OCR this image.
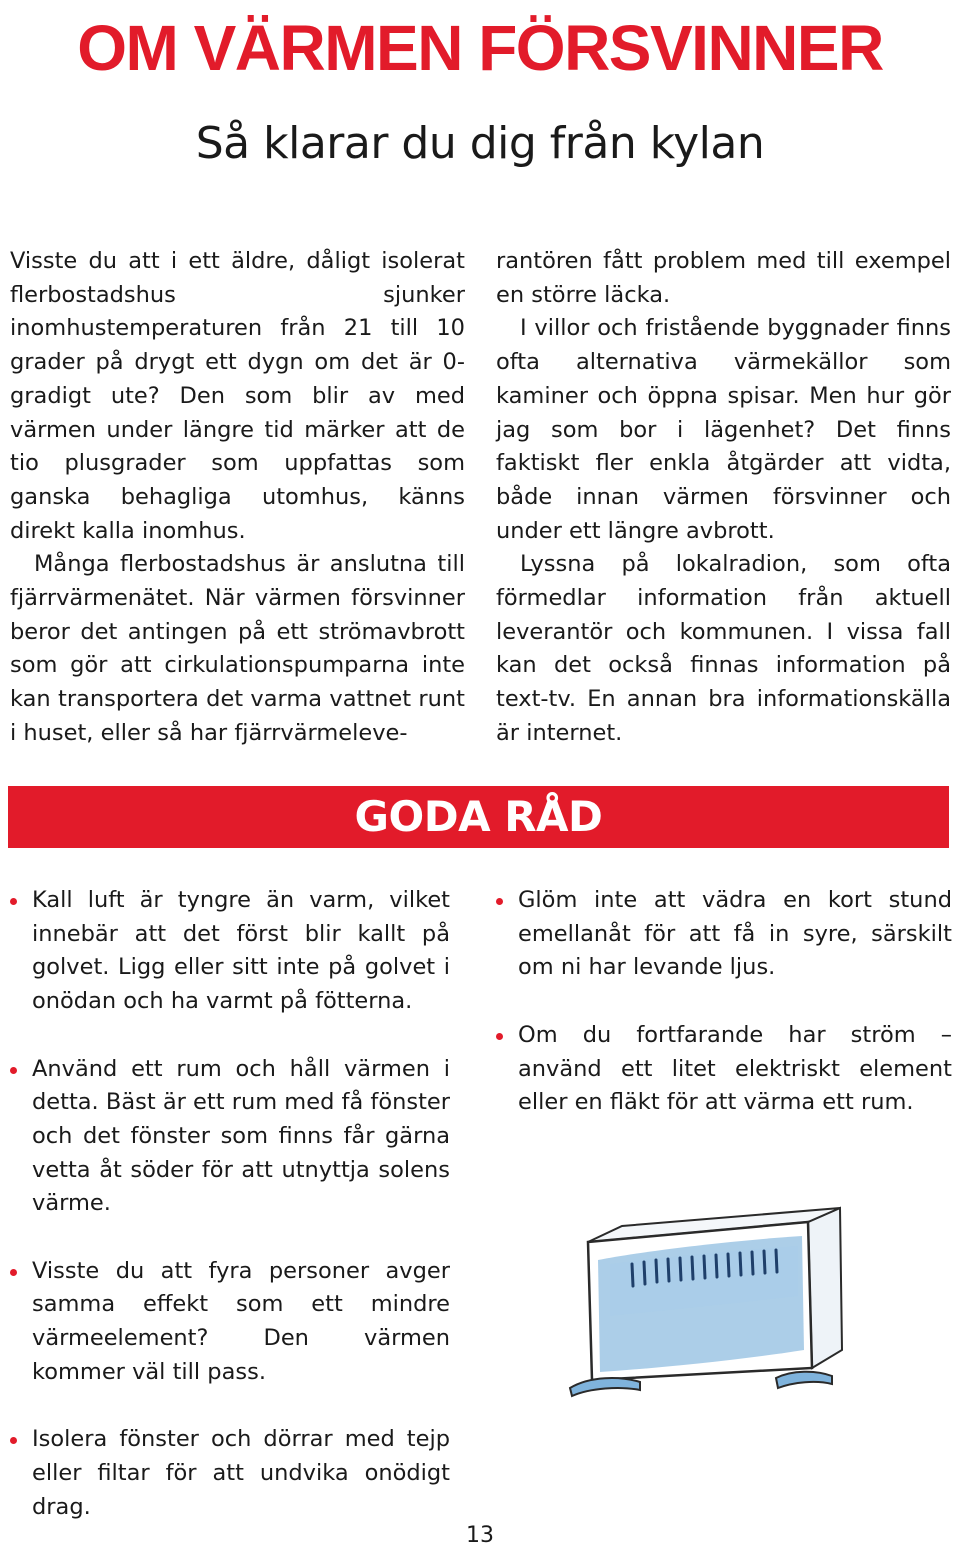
OM VÄRMEN FÖRSVINNER
Så klarar du dig från kylan

Visste du att i ett äldre, dåligt isolerat flerbostadshus sjunker inomhustemperaturen från 21 till 10 grader på drygt ett dygn om det är 0-gradigt ute? Den som blir av med värmen under längre tid märker att de tio plusgrader som uppfattas som ganska behagliga utomhus, känns direkt kalla inomhus.

Många flerbostadshus är anslutna till fjärrvärmenätet. När värmen försvinner beror det antingen på ett strömavbrott som gör att cirkulationspumparna inte kan transportera det varma vattnet runt i huset, eller så har fjärrvärmeleve-

rantören fått problem med till exempel en större läcka.

I villor och fristående byggnader finns ofta alternativa värmekällor som kaminer och öppna spisar. Men hur gör jag som bor i lägenhet? Det finns faktiskt fler enkla åtgärder att vidta, både innan värmen försvinner och under ett längre avbrott.

Lyssna på lokalradion, som ofta förmedlar information från aktuell leverantör och kommunen. I vissa fall kan det också finnas information på text-tv. En annan bra informationskälla är internet.

GODA RÅD
Kall luft är tyngre än varm, vilket innebär att det först blir kallt på golvet. Ligg eller sitt inte på golvet i onödan och ha varmt på fötterna.
Använd ett rum och håll värmen i detta. Bäst är ett rum med få fönster och det fönster som finns får gärna vetta åt söder för att utnyttja solens värme.
Visste du att fyra personer avger samma effekt som ett mindre värmeelement? Den värmen kommer väl till pass.
Isolera fönster och dörrar med tejp eller filtar för att undvika onödigt drag.
Glöm inte att vädra en kort stund emellanåt för att få in syre, särskilt om ni har levande ljus.
Om du fortfarande har ström – använd ett litet elektriskt element eller en fläkt för att värma ett rum.
13
